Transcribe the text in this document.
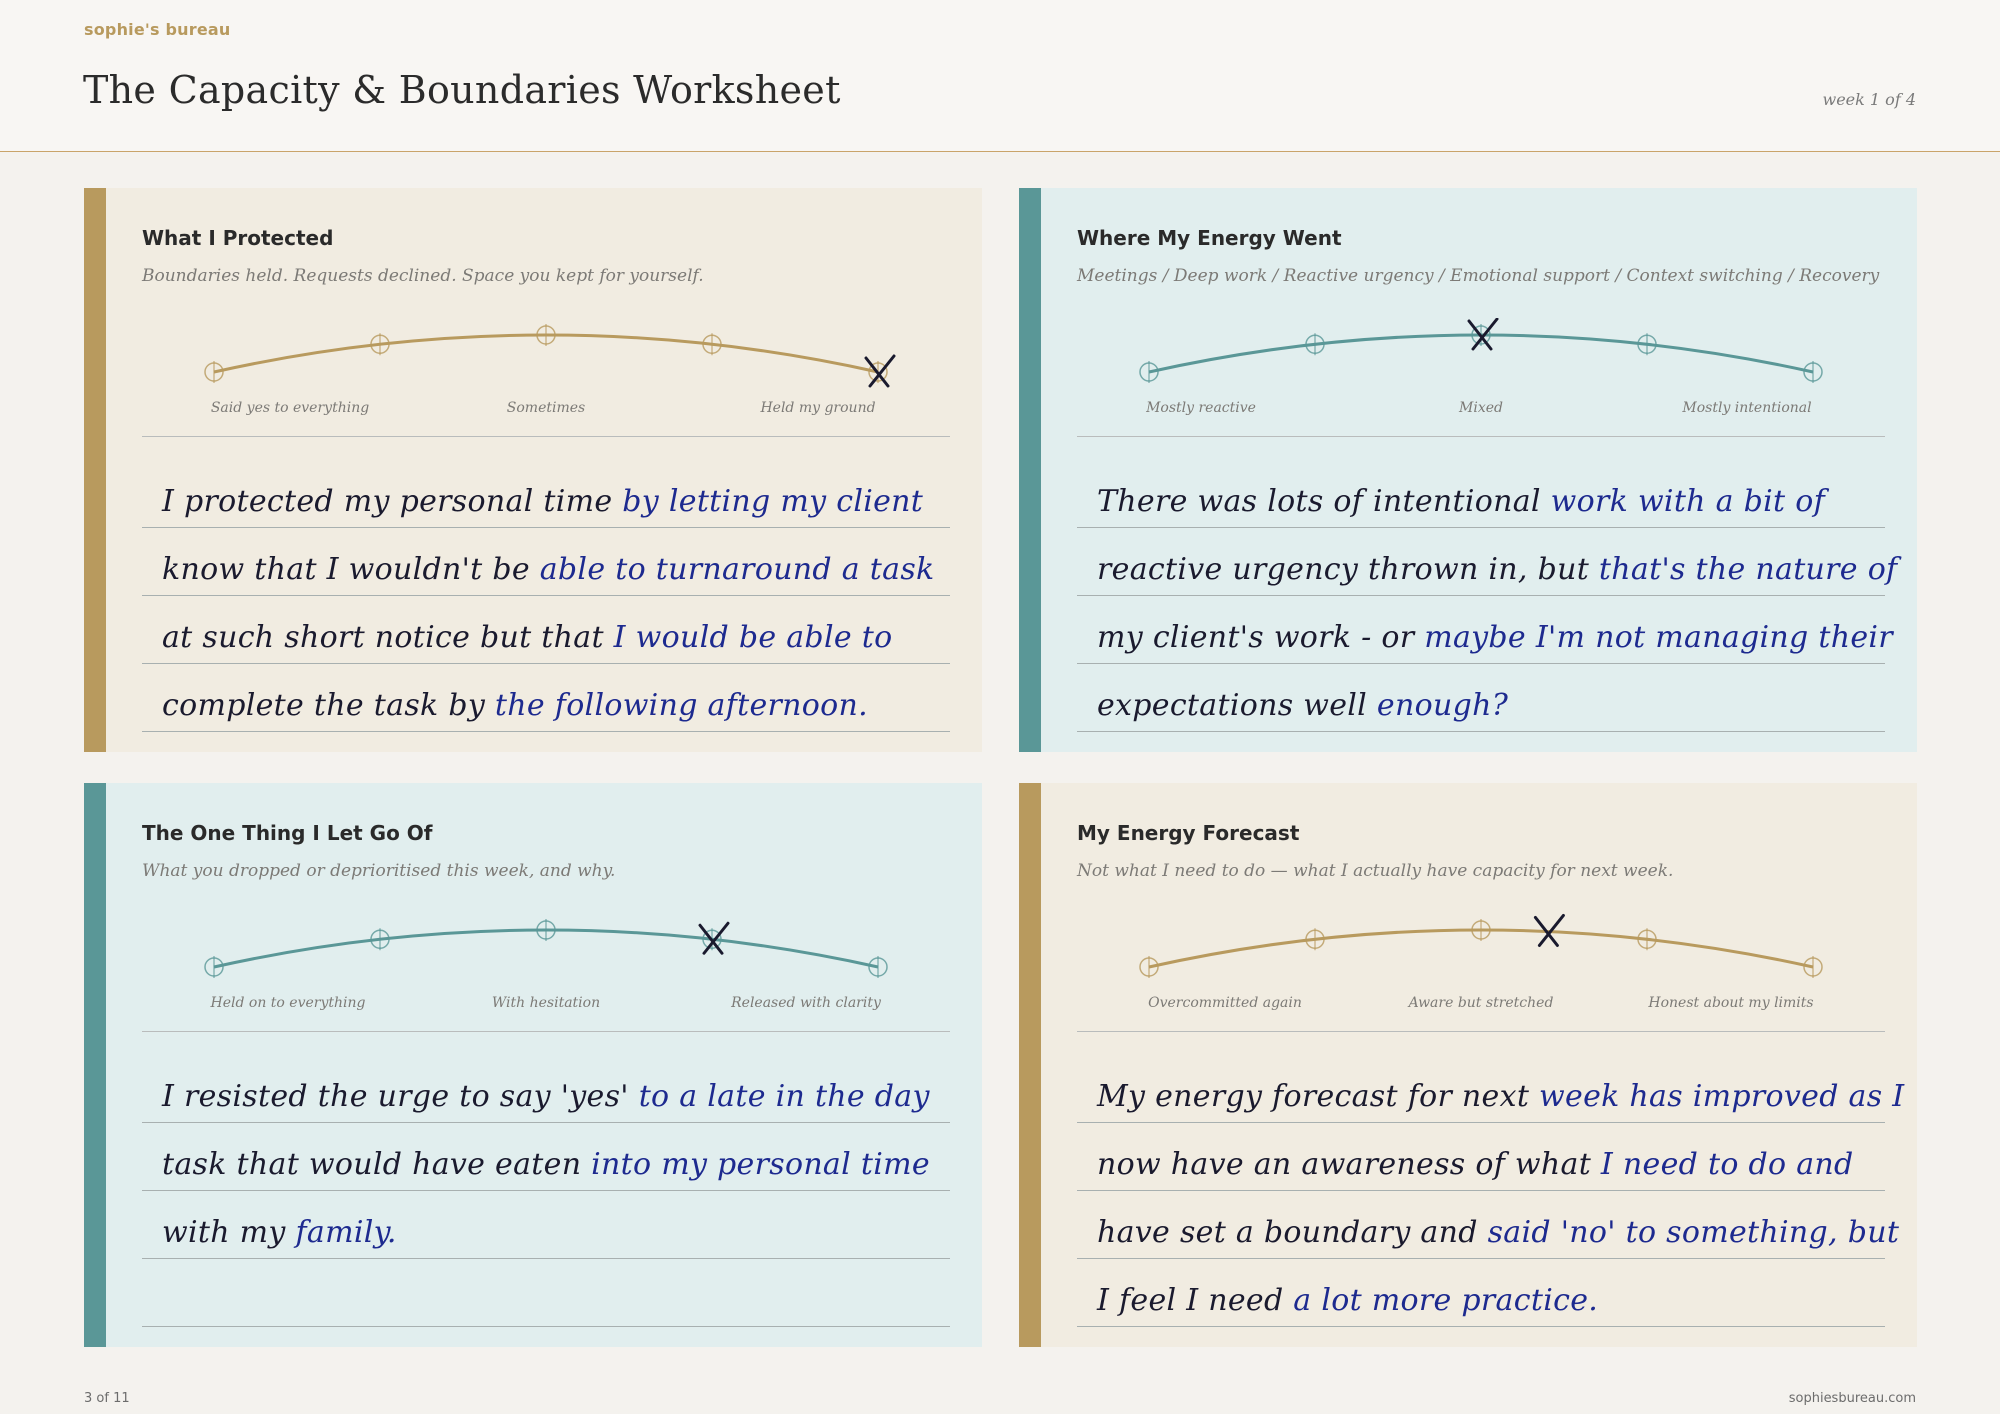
sophie's bureau
The Capacity & Boundaries Worksheet	week 1 of 4
What I Protected
Boundaries held. Requests declined. Space you kept for yourself.
Said yes to everything	Sometimes	Held my ground
I protected my personal time by letting my client
know that I wouldn't be able to turnaround a task
at such short notice but that I would be able to
complete the task by the following afternoon.
Where My Energy Went
Meetings / Deep work / Reactive urgency / Emotional support / Context switching / Recovery
Mostly reactive	Mixed	Mostly intentional
There was lots of intentional work with a bit of
reactive urgency thrown in, but that's the nature of
my client's work - or maybe I'm not managing their
expectations well enough?
The One Thing I Let Go Of
What you dropped or deprioritised this week, and why.
Held on to everything	With hesitation	Released with clarity
I resisted the urge to say 'yes' to a late in the day
task that would have eaten into my personal time
with my family.
My Energy Forecast
Not what I need to do — what I actually have capacity for next week.
Overcommitted again	Aware but stretched	Honest about my limits
My energy forecast for next week has improved as I
now have an awareness of what I need to do and
have set a boundary and said 'no' to something, but
I feel I need a lot more practice.
3 of 11	sophiesbureau.com
